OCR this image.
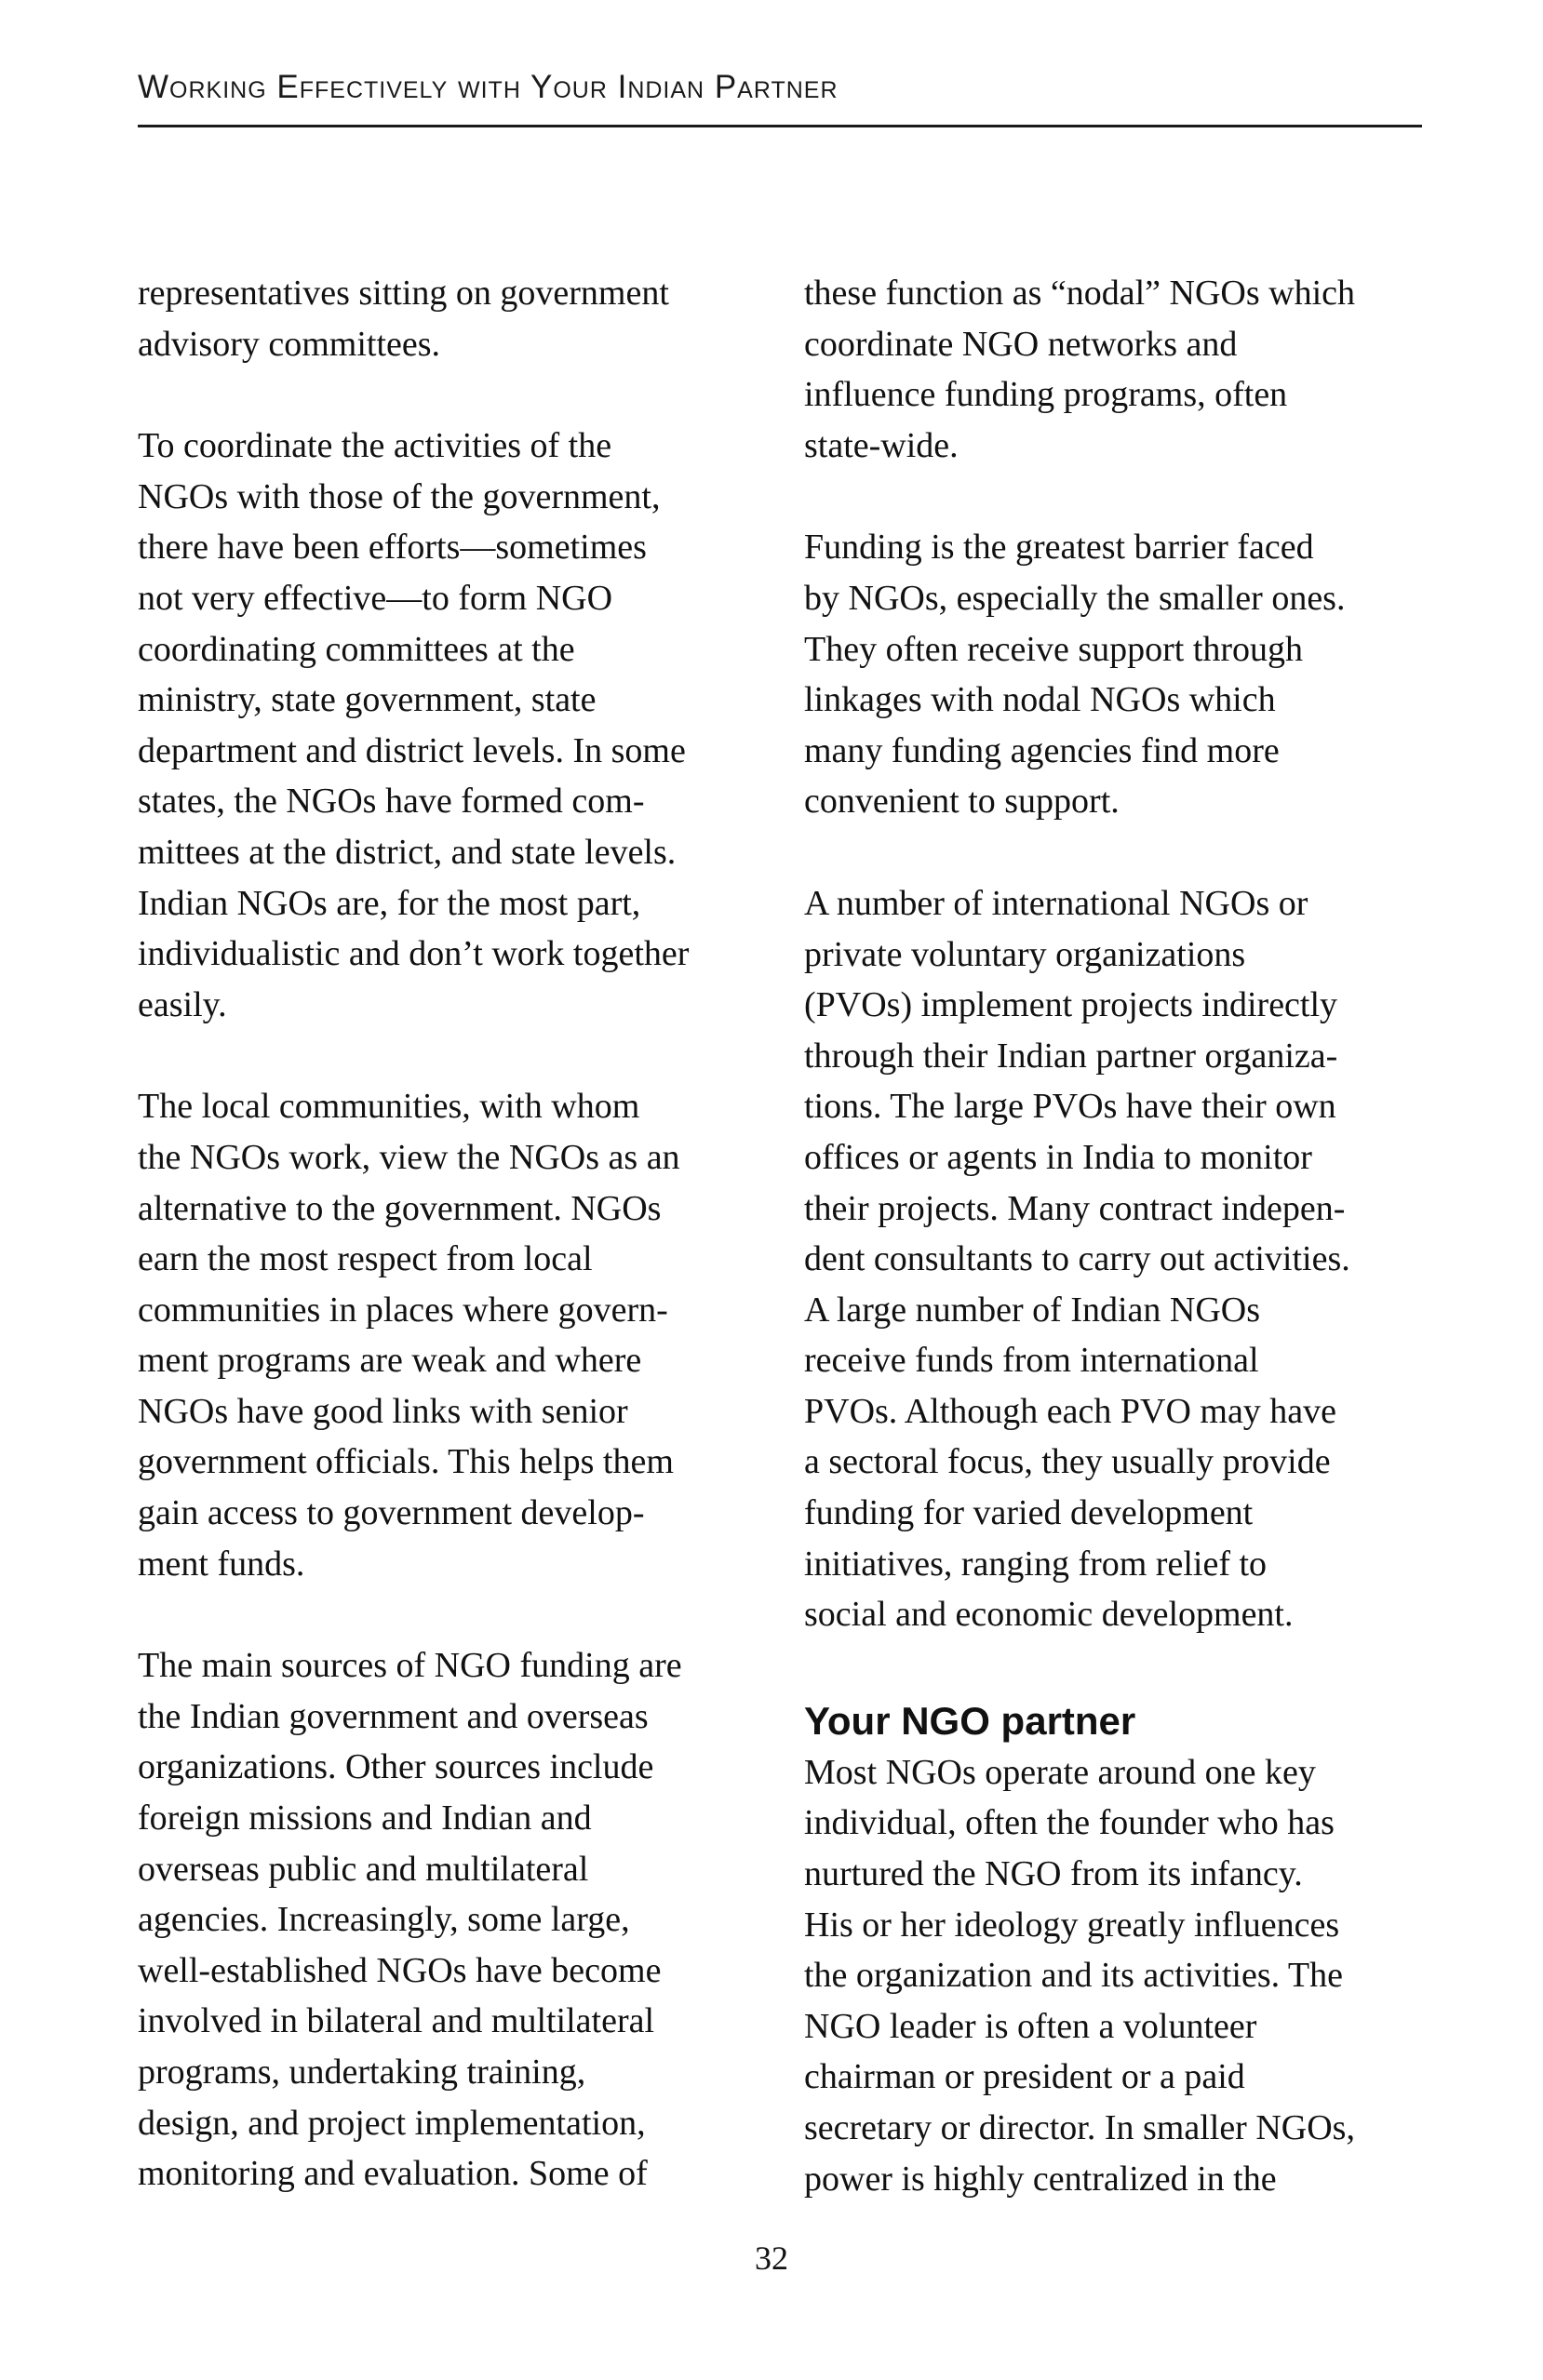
Working Effectively with Your Indian Partner

representatives sitting on government
advisory committees.

To coordinate the activities of the
NGOs with those of the government,
there have been efforts—sometimes
not very effective—to form NGO
coordinating committees at the
ministry, state government, state
department and district levels. In some
states, the NGOs have formed com-
mittees at the district, and state levels.
Indian NGOs are, for the most part,
individualistic and don’t work together
easily.

The local communities, with whom
the NGOs work, view the NGOs as an
alternative to the government. NGOs
earn the most respect from local
communities in places where govern-
ment programs are weak and where
NGOs have good links with senior
government officials. This helps them
gain access to government develop-
ment funds.

The main sources of NGO funding are
the Indian government and overseas
organizations. Other sources include
foreign missions and Indian and
overseas public and multilateral
agencies. Increasingly, some large,
well-established NGOs have become
involved in bilateral and multilateral
programs, undertaking training,
design, and project implementation,
monitoring and evaluation. Some of

these function as “nodal” NGOs which
coordinate NGO networks and
influence funding programs, often
state-wide.

Funding is the greatest barrier faced
by NGOs, especially the smaller ones.
They often receive support through
linkages with nodal NGOs which
many funding agencies find more
convenient to support.

A number of international NGOs or
private voluntary organizations
(PVOs) implement projects indirectly
through their Indian partner organiza-
tions. The large PVOs have their own
offices or agents in India to monitor
their projects. Many contract indepen-
dent consultants to carry out activities.
A large number of Indian NGOs
receive funds from international
PVOs. Although each PVO may have
a sectoral focus, they usually provide
funding for varied development
initiatives, ranging from relief to
social and economic development.

Your NGO partner

Most NGOs operate around one key
individual, often the founder who has
nurtured the NGO from its infancy.
His or her ideology greatly influences
the organization and its activities. The
NGO leader is often a volunteer
chairman or president or a paid
secretary or director. In smaller NGOs,
power is highly centralized in the

32
